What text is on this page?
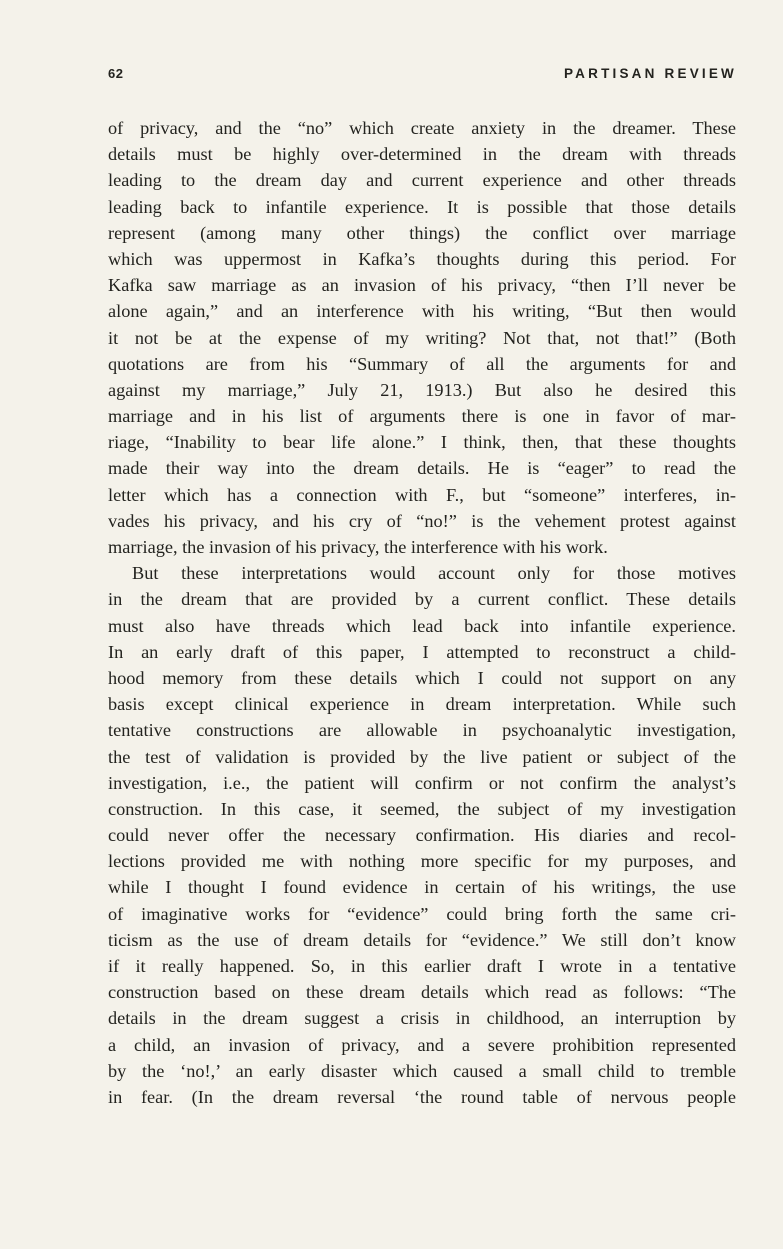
62	PARTISAN REVIEW
of privacy, and the “no” which create anxiety in the dreamer. These
details must be highly over-determined in the dream with threads
leading to the dream day and current experience and other threads
leading back to infantile experience. It is possible that those details
represent (among many other things) the conflict over marriage
which was uppermost in Kafka’s thoughts during this period. For
Kafka saw marriage as an invasion of his privacy, “then I’ll never be
alone again,” and an interference with his writing, “But then would
it not be at the expense of my writing? Not that, not that!” (Both
quotations are from his “Summary of all the arguments for and
against my marriage,” July 21, 1913.) But also he desired this
marriage and in his list of arguments there is one in favor of mar-
riage, “Inability to bear life alone.” I think, then, that these thoughts
made their way into the dream details. He is “eager” to read the
letter which has a connection with F., but “someone” interferes, in-
vades his privacy, and his cry of “no!” is the vehement protest against
marriage, the invasion of his privacy, the interference with his work.
But these interpretations would account only for those motives
in the dream that are provided by a current conflict. These details
must also have threads which lead back into infantile experience.
In an early draft of this paper, I attempted to reconstruct a child-
hood memory from these details which I could not support on any
basis except clinical experience in dream interpretation. While such
tentative constructions are allowable in psychoanalytic investigation,
the test of validation is provided by the live patient or subject of the
investigation, i.e., the patient will confirm or not confirm the analyst’s
construction. In this case, it seemed, the subject of my investigation
could never offer the necessary confirmation. His diaries and recol-
lections provided me with nothing more specific for my purposes, and
while I thought I found evidence in certain of his writings, the use
of imaginative works for “evidence” could bring forth the same cri-
ticism as the use of dream details for “evidence.” We still don’t know
if it really happened. So, in this earlier draft I wrote in a tentative
construction based on these dream details which read as follows: “The
details in the dream suggest a crisis in childhood, an interruption by
a child, an invasion of privacy, and a severe prohibition represented
by the ‘no!,’ an early disaster which caused a small child to tremble
in fear. (In the dream reversal ‘the round table of nervous people
